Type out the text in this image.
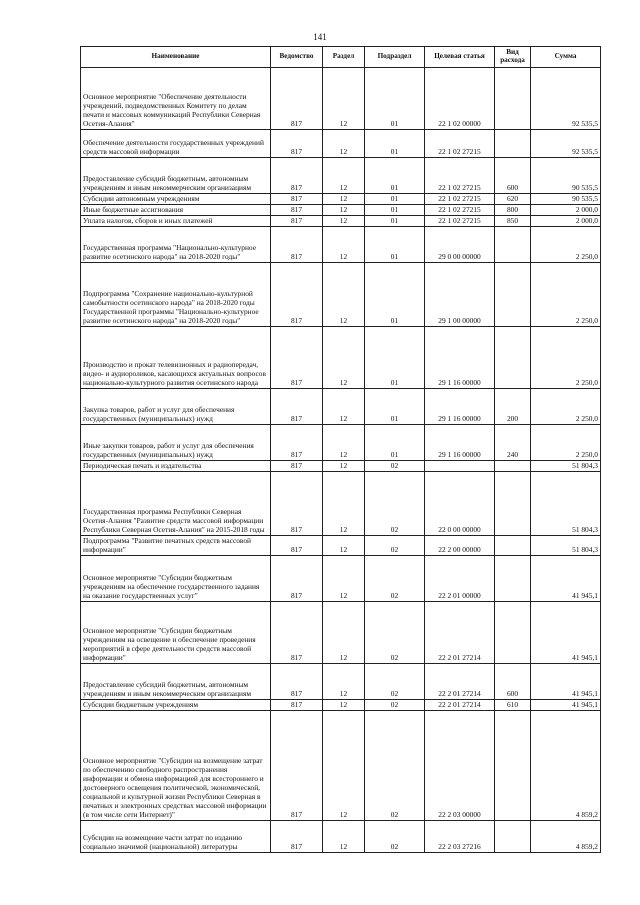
141
Наименование	Ведомство	Раздел	Подраздел	Целевая статья	Вид расхода	Сумма
Основное мероприятие "Обеспечение деятельности учреждений, подведомственных Комитету по делам печати и массовых коммуникаций Республики Северная Осетия-Алания"	817	12	01	22 1 02 00000		92 535,5
Обеспечение деятельности государственных учреждений средств массовой информации	817	12	01	22 1 02 27215		92 535,5
Предоставление субсидий бюджетным, автономным учреждениям и иным некоммерческим организациям	817	12	01	22 1 02 27215	600	90 535,5
Субсидии автономным учреждениям	817	12	01	22 1 02 27215	620	90 535,5
Иные бюджетные ассигнования	817	12	01	22 1 02 27215	800	2 000,0
Уплата налогов, сборов и иных платежей	817	12	01	22 1 02 27215	850	2 000,0
Государственная программа "Национально-культурное развитие осетинского народа" на 2018-2020 годы"	817	12	01	29 0 00 00000		2 250,0
Подпрограмма "Сохранение национально-культурной самобытности осетинского народа" на 2018-2020 годы Государственной программы "Национально-культурное развитие осетинского народа" на 2018-2020 годы"	817	12	01	29 1 00 00000		2 250,0
Производство и прокат телевизионных и радиопередач, видео- и аудиороликов, касающихся актуальных вопросов национально-культурного развития осетинского народа	817	12	01	29 1 16 00000		2 250,0
Закупка товаров, работ и услуг для обеспечения государственных (муниципальных) нужд	817	12	01	29 1 16 00000	200	2 250,0
Иные закупки товаров, работ и услуг для обеспечения государственных (муниципальных) нужд	817	12	01	29 1 16 00000	240	2 250,0
Периодическая печать и издательства	817	12	02			51 804,3
Государственная программа Республики Северная Осетия-Алания "Развитие средств массовой информации Республики Северная Осетия-Алания" на 2015-2018 годы	817	12	02	22 0 00 00000		51 804,3
Подпрограмма "Развитие печатных средств массовой информации"	817	12	02	22 2 00 00000		51 804,3
Основное мероприятие "Субсидии бюджетным учреждениям на обеспечение государственного задания на оказание государственных услуг"	817	12	02	22 2 01 00000		41 945,1
Основное мероприятие "Субсидии бюджетным учреждениям на освещение и обеспечение проведения мероприятий в сфере деятельности средств массовой информации"	817	12	02	22 2 01 27214		41 945,1
Предоставление субсидий бюджетным, автономным учреждениям и иным некоммерческим организациям	817	12	02	22 2 01 27214	600	41 945,1
Субсидии бюджетным учреждениям	817	12	02	22 2 01 27214	610	41 945,1
Основное мероприятие "Субсидии на возмещение затрат по обеспечению свободного распространения информации и обмена информацией для всестороннего и достоверного освещения политической, экономической, социальной и культурной жизни Республики Северная в печатных и электронных средствах массовой информации (в том числе сети Интернет)"	817	12	02	22 2 03 00000		4 859,2
Субсидии на возмещение части затрат по изданию социально значимой (национальной) литературы	817	12	02	22 2 03 27216		4 859,2
